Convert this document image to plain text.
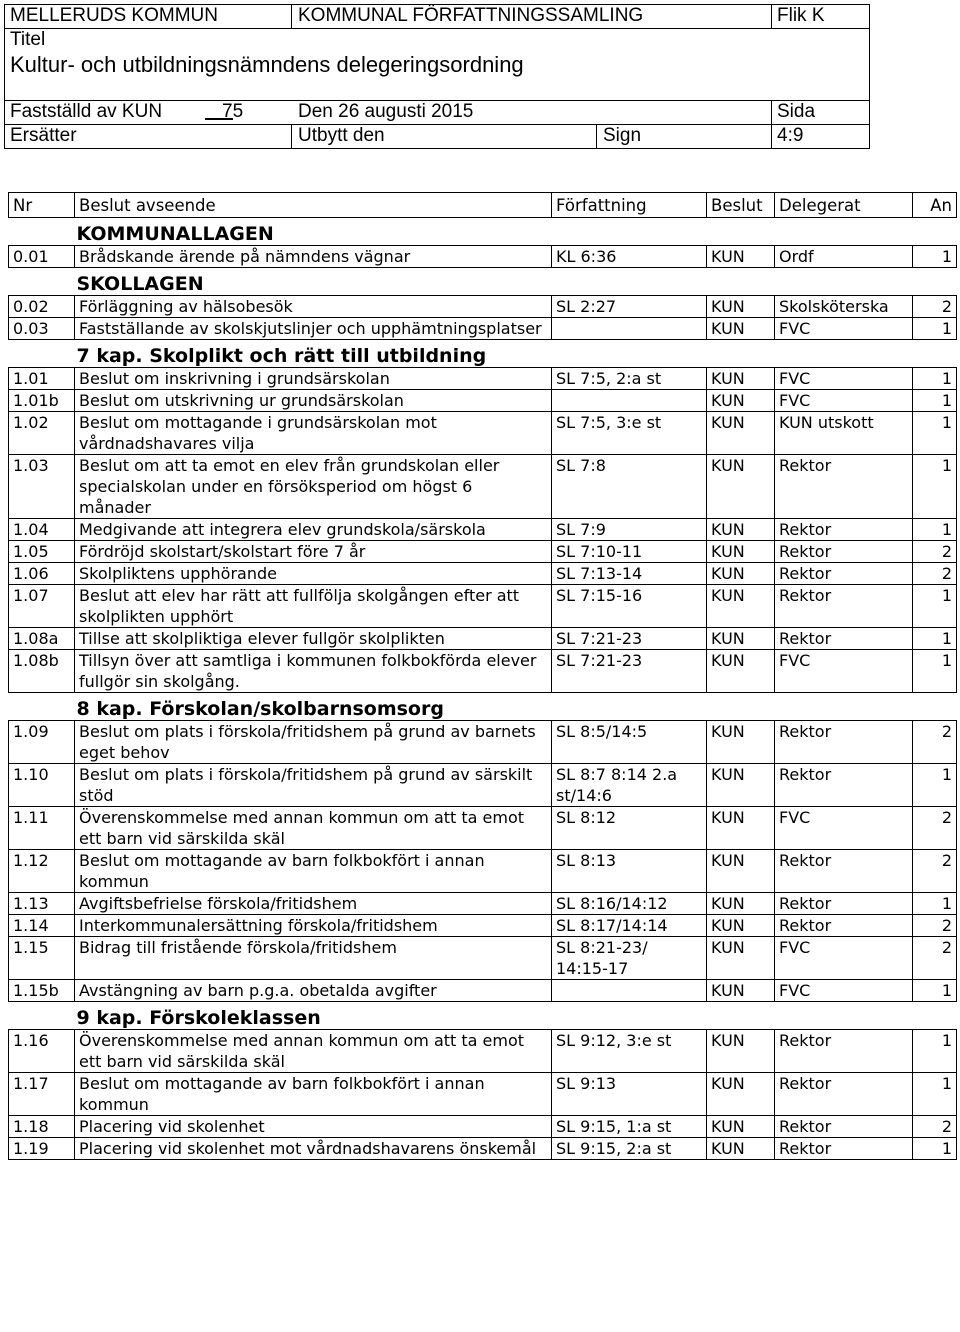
MELLERUDS KOMMUN	KOMMUNAL FÖRFATTNINGSSAMLING	Flik K
Titel
Kultur- och utbildningsnämndens delegeringsordning
Fastställd av KUN	75	Den 26 augusti 2015	Sida
Ersätter	Utbytt den	Sign	4:9
Nr	Beslut avseende	Författning	Beslut	Delegerat	An

KOMMUNALLAGEN					
0.01	Brådskande ärende på nämndens vägnar	KL 6:36	KUN	Ordf	1

SKOLLAGEN					
0.02	Förläggning av hälsobesök	SL 2:27	KUN	Skolsköterska	2
0.03	Fastställande av skolskjutslinjer och upphämtningsplatser		KUN	FVC	1

7 kap. Skolplikt och rätt till utbildning					
1.01	Beslut om inskrivning i grundsärskolan	SL 7:5, 2:a st	KUN	FVC	1
1.01b	Beslut om utskrivning ur grundsärskolan		KUN	FVC	1
1.02	Beslut om mottagande i grundsärskolan mot vårdnadshavares vilja	SL 7:5, 3:e st	KUN	KUN utskott	1
1.03	Beslut om att ta emot en elev från grundskolan eller specialskolan under en försöksperiod om högst 6 månader	SL 7:8	KUN	Rektor	1
1.04	Medgivande att integrera elev grundskola/särskola	SL 7:9	KUN	Rektor	1
1.05	Fördröjd skolstart/skolstart före 7 år	SL 7:10-11	KUN	Rektor	2
1.06	Skolpliktens upphörande	SL 7:13-14	KUN	Rektor	2
1.07	Beslut att elev har rätt att fullfölja skolgången efter att skolplikten upphört	SL 7:15-16	KUN	Rektor	1
1.08a	Tillse att skolpliktiga elever fullgör skolplikten	SL 7:21-23	KUN	Rektor	1
1.08b	Tillsyn över att samtliga i kommunen folkbokförda elever fullgör sin skolgång.	SL 7:21-23	KUN	FVC	1

8 kap. Förskolan/skolbarnsomsorg					
1.09	Beslut om plats i förskola/fritidshem på grund av barnets eget behov	SL 8:5/14:5	KUN	Rektor	2
1.10	Beslut om plats i förskola/fritidshem på grund av särskilt stöd	SL 8:7 8:14 2.a st/14:6	KUN	Rektor	1
1.11	Överenskommelse med annan kommun om att ta emot ett barn vid särskilda skäl	SL 8:12	KUN	FVC	2
1.12	Beslut om mottagande av barn folkbokfört i annan kommun	SL 8:13	KUN	Rektor	2
1.13	Avgiftsbefrielse förskola/fritidshem	SL 8:16/14:12	KUN	Rektor	1
1.14	Interkommunalersättning förskola/fritidshem	SL 8:17/14:14	KUN	Rektor	2
1.15	Bidrag till fristående förskola/fritidshem	SL 8:21-23/ 14:15-17	KUN	FVC	2
1.15b	Avstängning av barn p.g.a. obetalda avgifter		KUN	FVC	1

9 kap. Förskoleklassen					
1.16	Överenskommelse med annan kommun om att ta emot ett barn vid särskilda skäl	SL 9:12, 3:e st	KUN	Rektor	1
1.17	Beslut om mottagande av barn folkbokfört i annan kommun	SL 9:13	KUN	Rektor	1
1.18	Placering vid skolenhet	SL 9:15, 1:a st	KUN	Rektor	2
1.19	Placering vid skolenhet mot vårdnadshavarens önskemål	SL 9:15, 2:a st	KUN	Rektor	1
